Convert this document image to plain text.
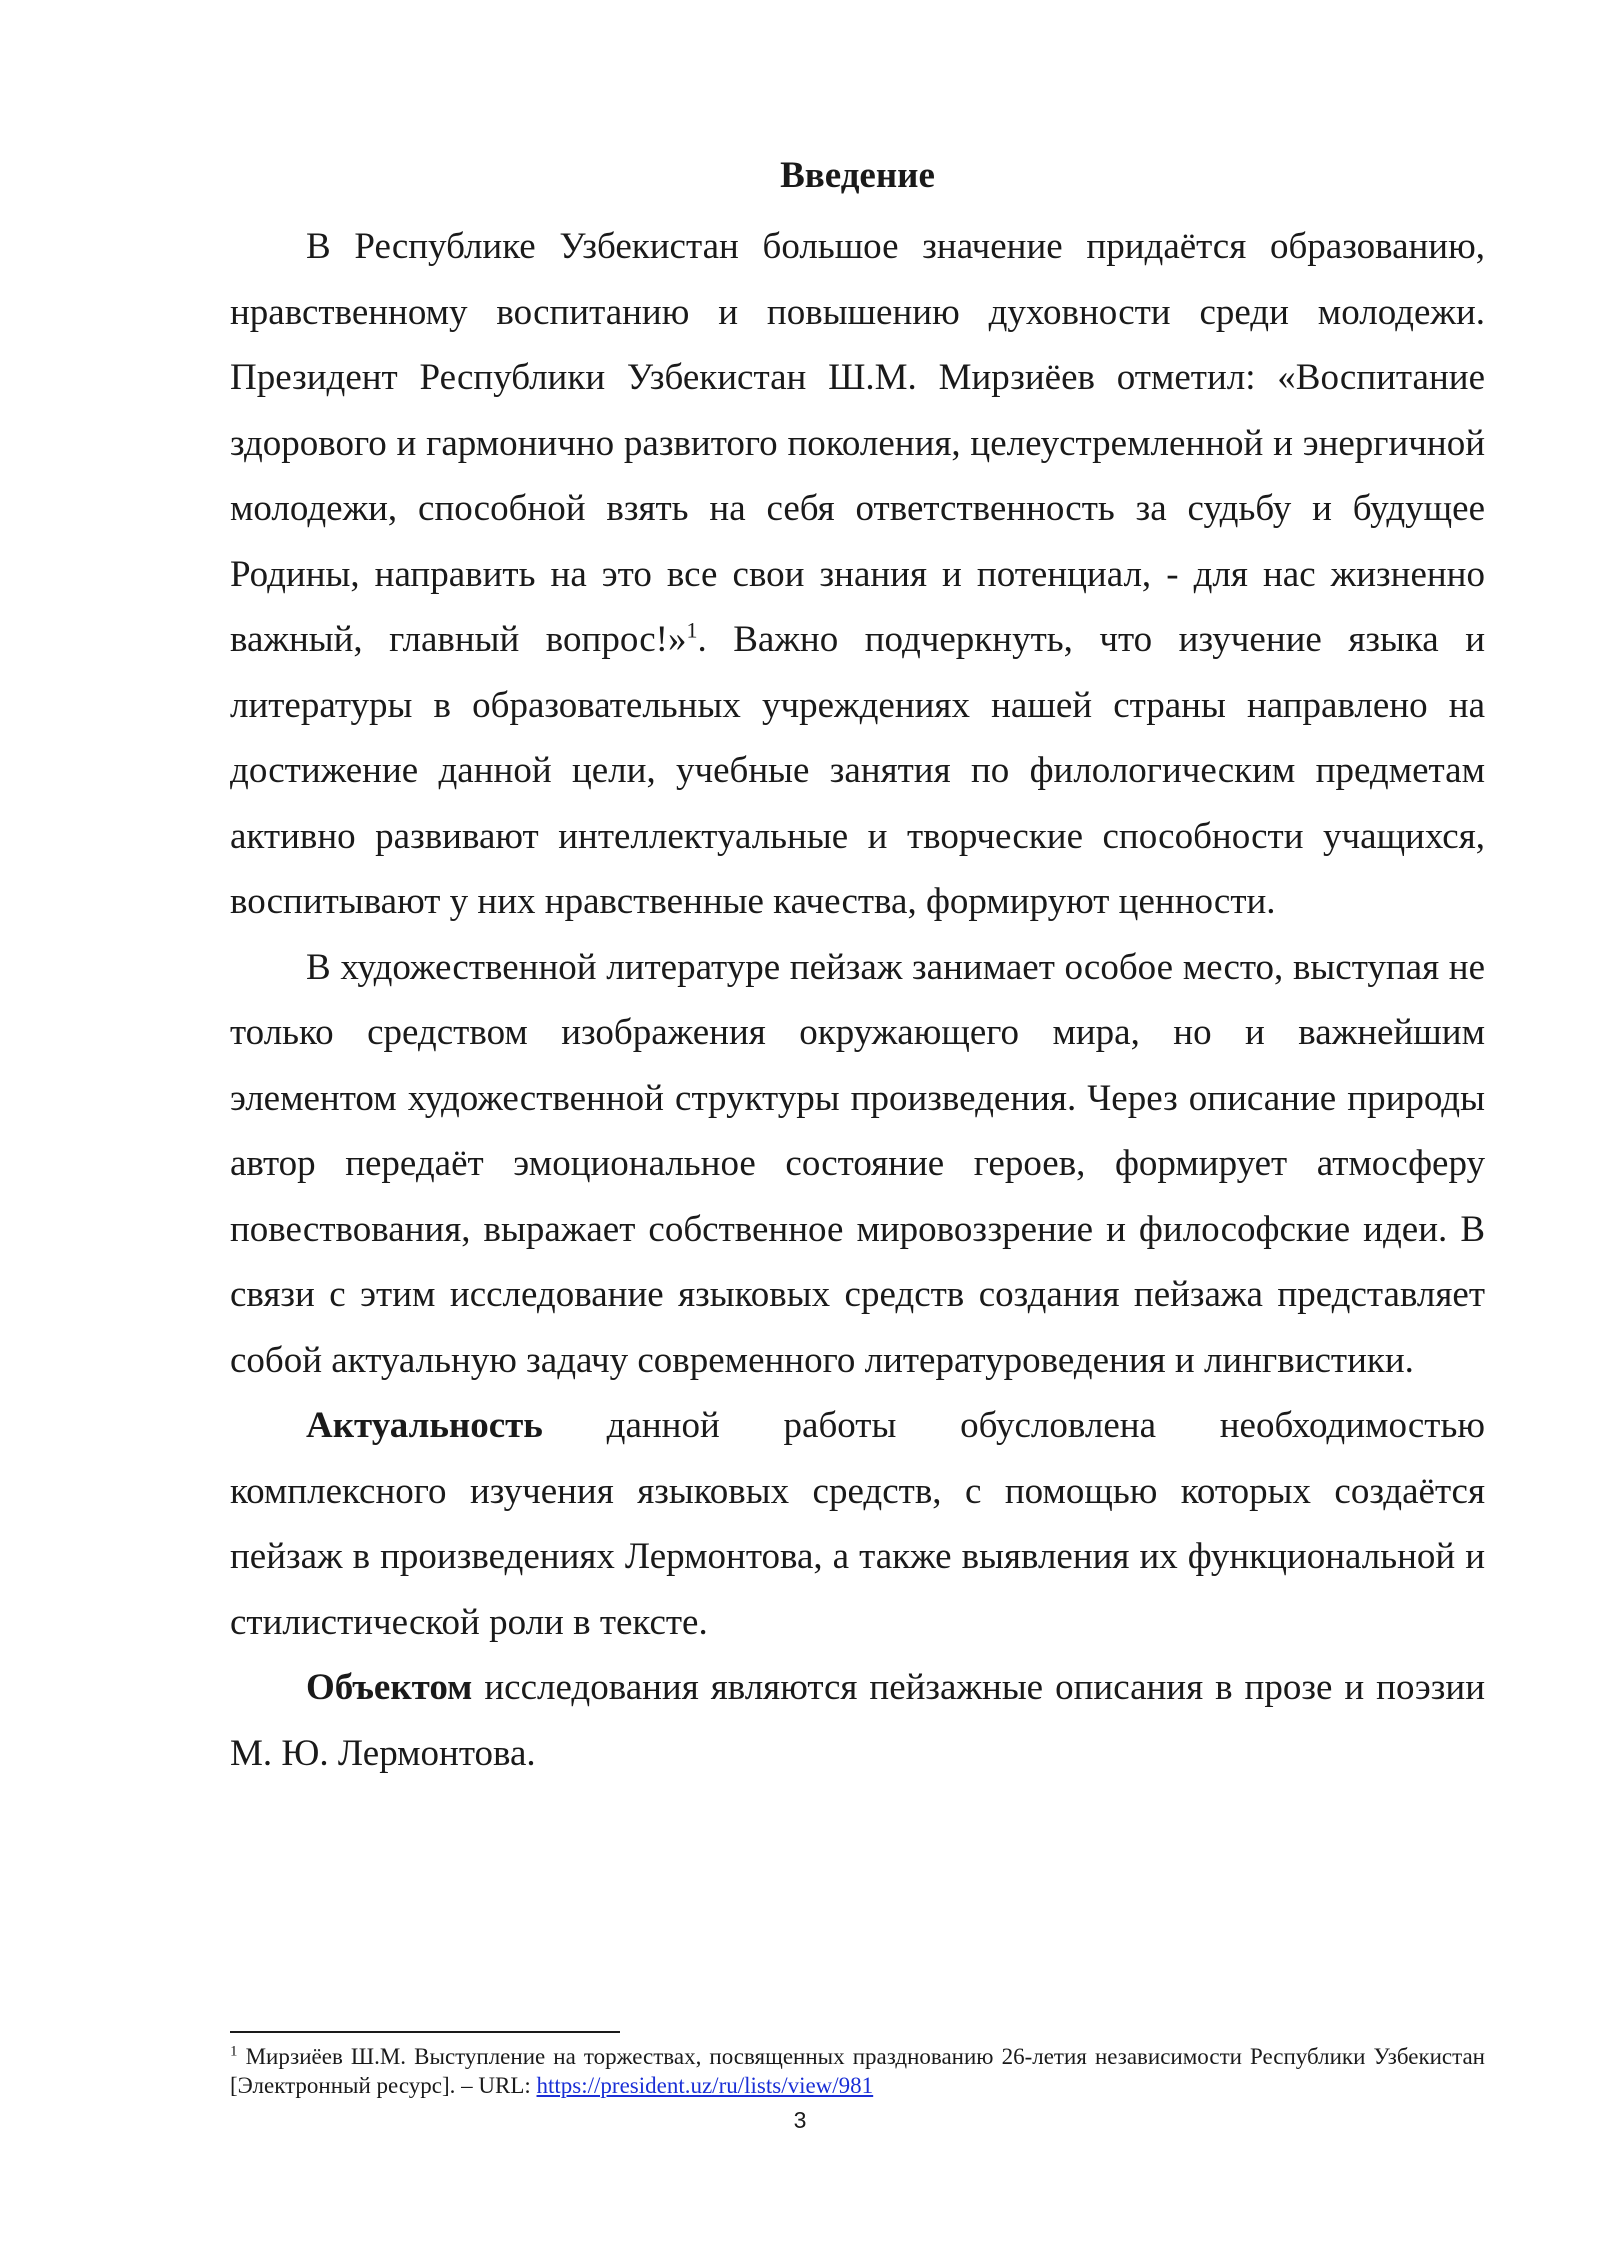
Введение

В Республике Узбекистан большое значение придаётся образованию, нравственному воспитанию и повышению духовности среди молодежи. Президент Республики Узбекистан Ш.М. Мирзиёев отметил: «Воспитание здорового и гармонично развитого поколения, целеустремленной и энергичной молодежи, способной взять на себя ответственность за судьбу и будущее Родины, направить на это все свои знания и потенциал, - для нас жизненно важный, главный вопрос!»$^1$. Важно подчеркнуть, что изучение языка и литературы в образовательных учреждениях нашей страны направлено на достижение данной цели, учебные занятия по филологическим предметам активно развивают интеллектуальные и творческие способности учащихся, воспитывают у них нравственные качества, формируют ценности.

В художественной литературе пейзаж занимает особое место, выступая не только средством изображения окружающего мира, но и важнейшим элементом художественной структуры произведения. Через описание природы автор передаёт эмоциональное состояние героев, формирует атмосферу повествования, выражает собственное мировоззрение и философские идеи. В связи с этим исследование языковых средств создания пейзажа представляет собой актуальную задачу современного литературоведения и лингвистики.

Актуальность данной работы обусловлена необходимостью комплексного изучения языковых средств, с помощью которых создаётся пейзаж в произведениях Лермонтова, а также выявления их функциональной и стилистической роли в тексте.

Объектом исследования являются пейзажные описания в прозе и поэзии М. Ю. Лермонтова.

$^1$ Мирзиёев Ш.М. Выступление на торжествах, посвященных празднованию 26-летия независимости Республики Узбекистан [Электронный ресурс]. – URL: https://president.uz/ru/lists/view/981

3
